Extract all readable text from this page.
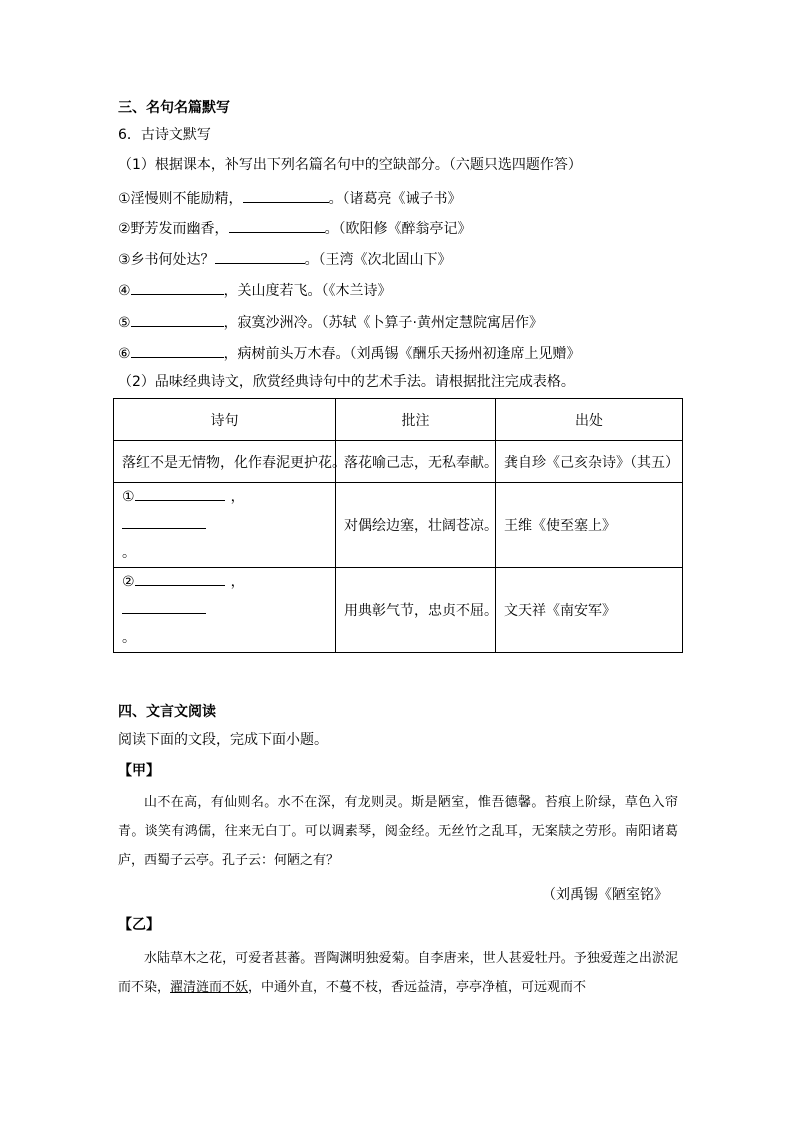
三、名句名篇默写
6．古诗文默写
（1）根据课本，补写出下列名篇名句中的空缺部分。（六题只选四题作答）
①淫慢则不能励精，	。（诸葛亮《诫子书》
②野芳发而幽香，	。（欧阳修《醉翁亭记》
③乡书何处达？	。（王湾《次北固山下》
④	，关山度若飞。（《木兰诗》
⑤	，寂寞沙洲冷。（苏轼《卜算子·黄州定慧院寓居作》
⑥	，病树前头万木春。（刘禹锡《酬乐天扬州初逢席上见赠》
（2）品味经典诗文，欣赏经典诗句中的艺术手法。请根据批注完成表格。
诗句	批注	出处
落红不是无情物，化作春泥更护花。	落花喻己志，无私奉献。	龚自珍《己亥杂诗》（其五）
① ，
。	对偶绘边塞，壮阔苍凉。	王维《使至塞上》
② ，
。	用典彰气节，忠贞不屈。	文天祥《南安军》
四、文言文阅读
阅读下面的文段，完成下面小题。
【甲】
山不在高，有仙则名。水不在深，有龙则灵。斯是陋室，惟吾德馨。苔痕上阶绿，草色入帘青。谈笑有鸿儒，往来无白丁。可以调素琴，阅金经。无丝竹之乱耳，无案牍之劳形。南阳诸葛庐，西蜀子云亭。孔子云：何陋之有？
（刘禹锡《陋室铭》
【乙】
水陆草木之花，可爱者甚蕃。晋陶渊明独爱菊。自李唐来，世人甚爱牡丹。予独爱莲之出淤泥而不染，濯清涟而不妖，中通外直，不蔓不枝，香远益清，亭亭净植，可远观而不
